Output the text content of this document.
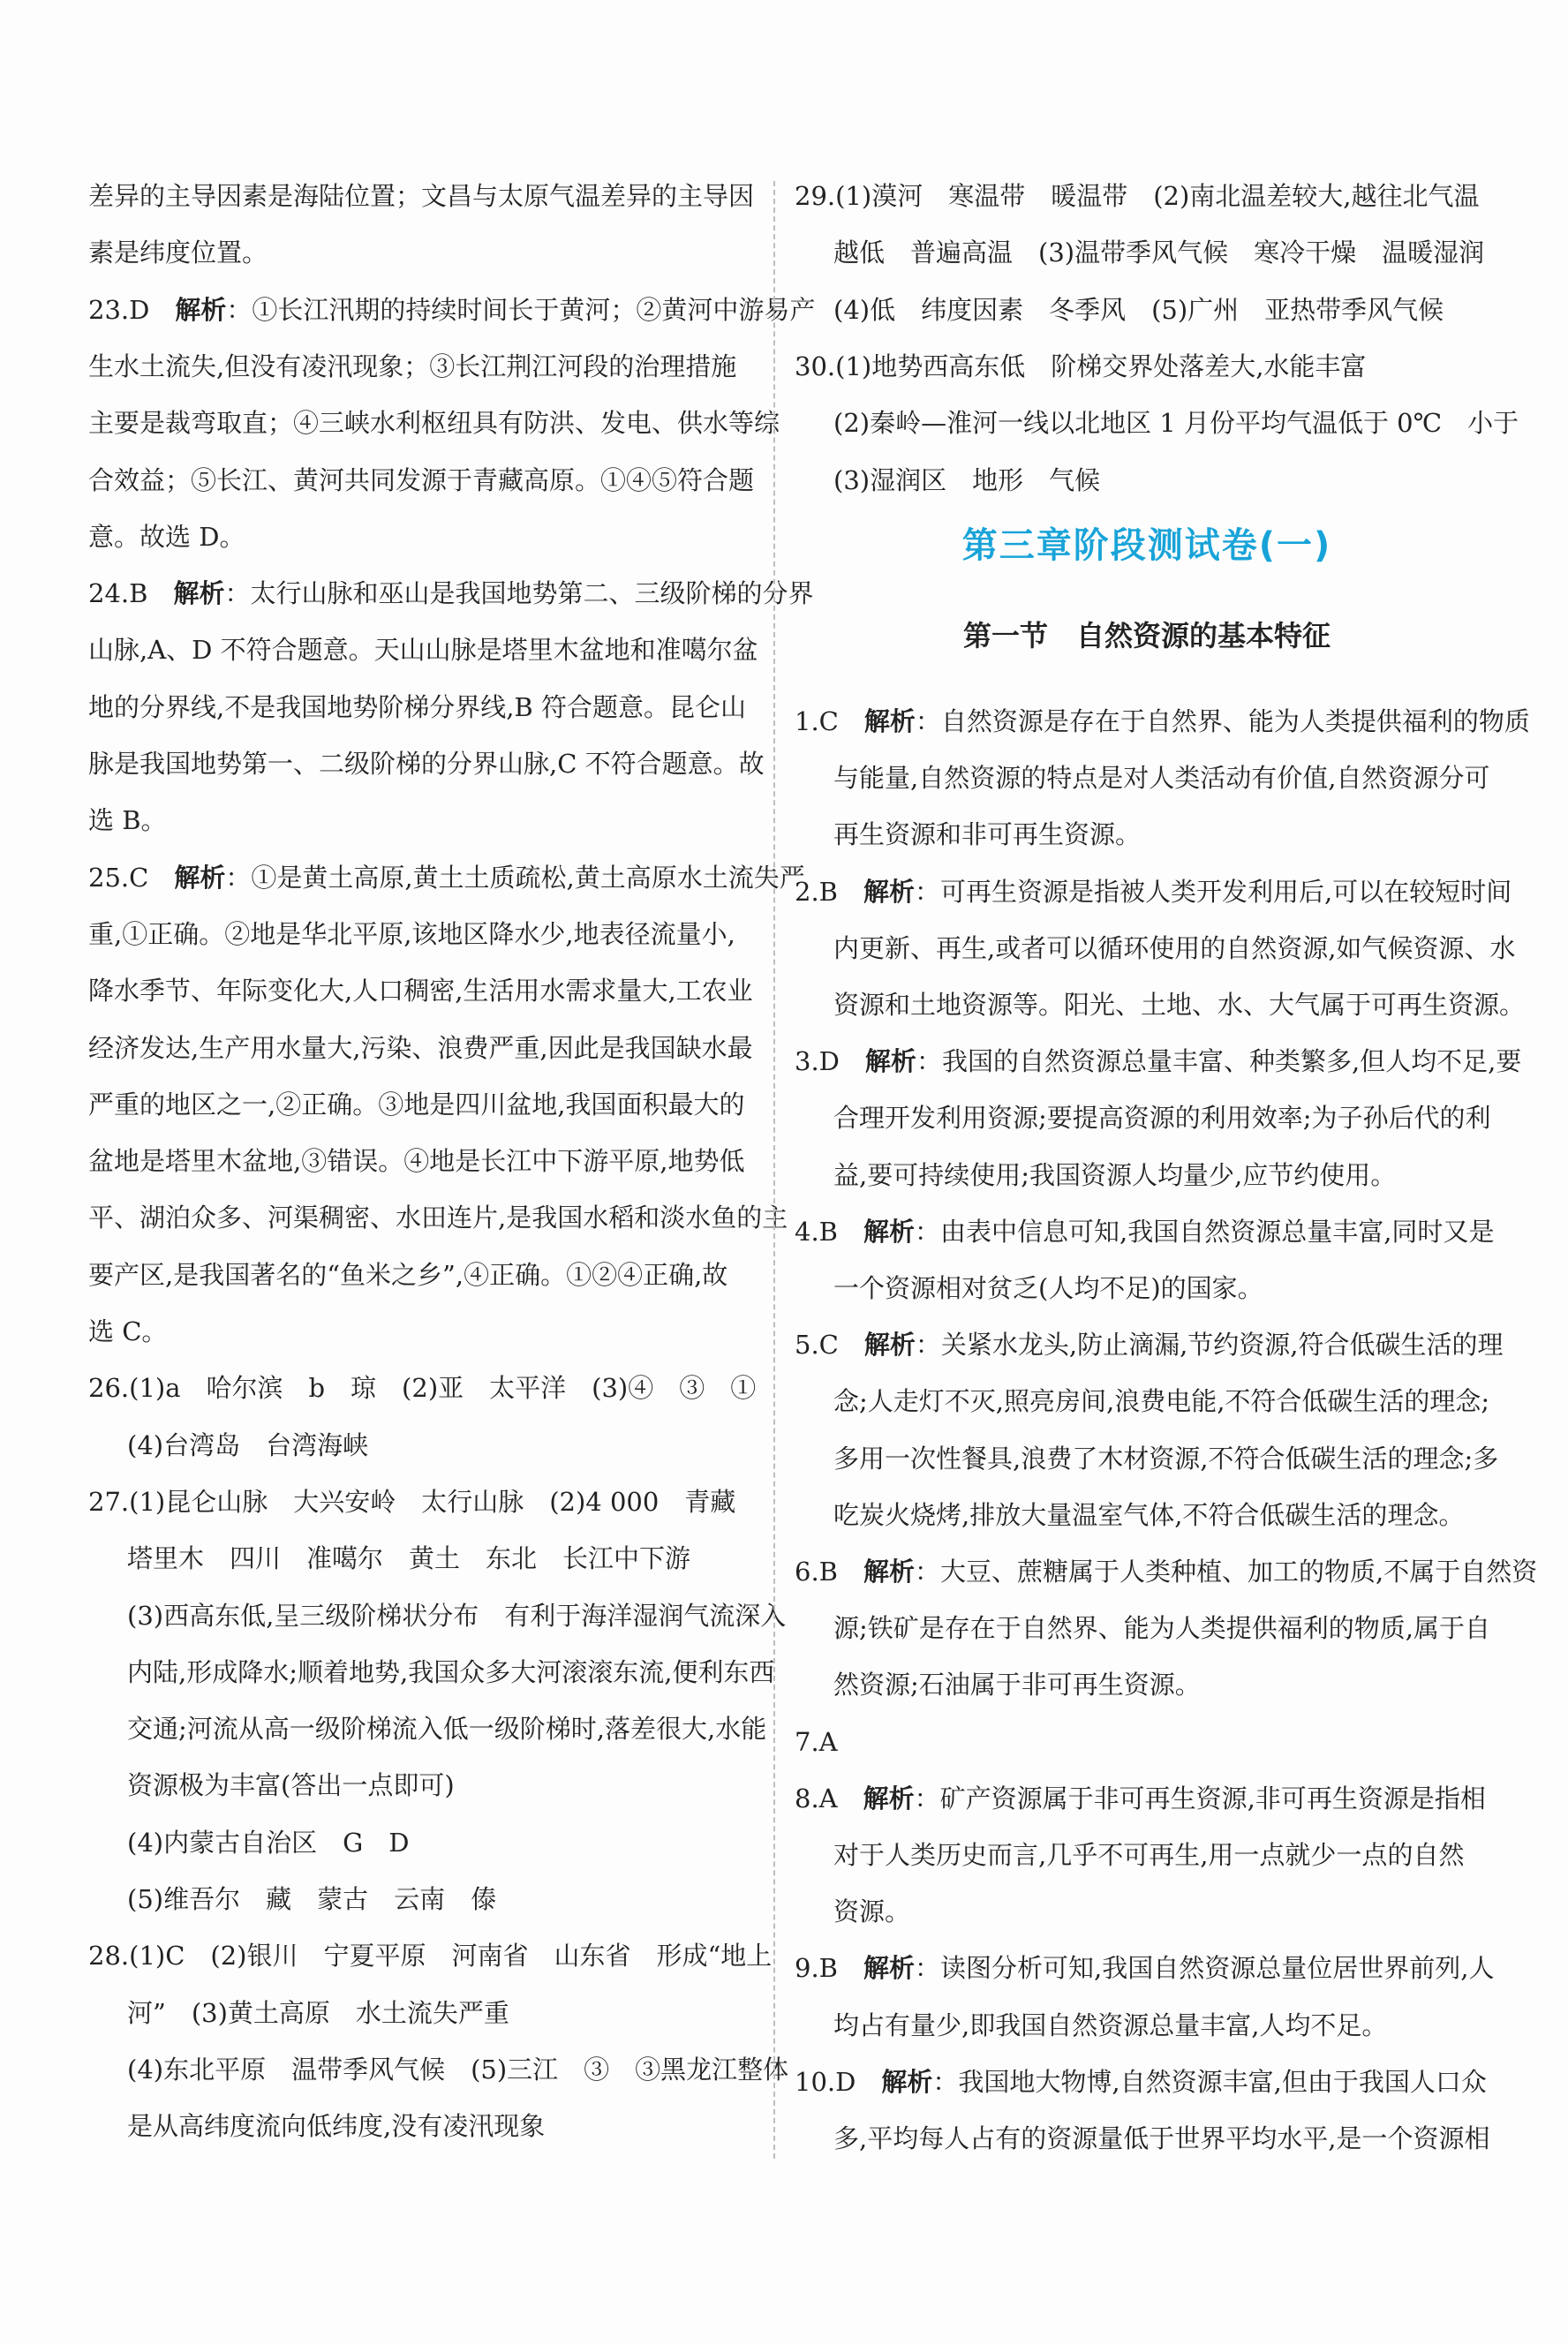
差异的主导因素是海陆位置；文昌与太原气温差异的主导因
素是纬度位置。
23.D  解析：①长江汛期的持续时间长于黄河；②黄河中游易产
生水土流失,但没有凌汛现象；③长江荆江河段的治理措施
主要是裁弯取直；④三峡水利枢纽具有防洪、发电、供水等综
合效益；⑤长江、黄河共同发源于青藏高原。①④⑤符合题
意。故选 D。
24.B  解析：太行山脉和巫山是我国地势第二、三级阶梯的分界
山脉,A、D 不符合题意。天山山脉是塔里木盆地和准噶尔盆
地的分界线,不是我国地势阶梯分界线,B 符合题意。昆仑山
脉是我国地势第一、二级阶梯的分界山脉,C 不符合题意。故
选 B。
25.C  解析：①是黄土高原,黄土土质疏松,黄土高原水土流失严
重,①正确。②地是华北平原,该地区降水少,地表径流量小,
降水季节、年际变化大,人口稠密,生活用水需求量大,工农业
经济发达,生产用水量大,污染、浪费严重,因此是我国缺水最
严重的地区之一,②正确。③地是四川盆地,我国面积最大的
盆地是塔里木盆地,③错误。④地是长江中下游平原,地势低
平、湖泊众多、河渠稠密、水田连片,是我国水稻和淡水鱼的主
要产区,是我国著名的“鱼米之乡”,④正确。①②④正确,故
选 C。
26.(1)a　哈尔滨　b　琼　(2)亚　太平洋　(3)④　③　①
(4)台湾岛　台湾海峡
27.(1)昆仑山脉　大兴安岭　太行山脉　(2)4 000　青藏
塔里木　四川　准噶尔　黄土　东北　长江中下游
(3)西高东低,呈三级阶梯状分布　有利于海洋湿润气流深入
内陆,形成降水;顺着地势,我国众多大河滚滚东流,便利东西
交通;河流从高一级阶梯流入低一级阶梯时,落差很大,水能
资源极为丰富(答出一点即可)
(4)内蒙古自治区　G　D
(5)维吾尔　藏　蒙古　云南　傣
28.(1)C　(2)银川　宁夏平原　河南省　山东省　形成“地上
河”　(3)黄土高原　水土流失严重
(4)东北平原　温带季风气候　(5)三江　③　③黑龙江整体
是从高纬度流向低纬度,没有凌汛现象
第三章阶段测试卷(一)
第一节　自然资源的基本特征
29.(1)漠河　寒温带　暖温带　(2)南北温差较大,越往北气温
越低　普遍高温　(3)温带季风气候　寒冷干燥　温暖湿润
(4)低　纬度因素　冬季风　(5)广州　亚热带季风气候
30.(1)地势西高东低　阶梯交界处落差大,水能丰富
(2)秦岭—淮河一线以北地区 1 月份平均气温低于 0℃　小于
(3)湿润区　地形　气候
1.C  解析：自然资源是存在于自然界、能为人类提供福利的物质
与能量,自然资源的特点是对人类活动有价值,自然资源分可
再生资源和非可再生资源。
2.B  解析：可再生资源是指被人类开发利用后,可以在较短时间
内更新、再生,或者可以循环使用的自然资源,如气候资源、水
资源和土地资源等。阳光、土地、水、大气属于可再生资源。
3.D  解析：我国的自然资源总量丰富、种类繁多,但人均不足,要
合理开发利用资源;要提高资源的利用效率;为子孙后代的利
益,要可持续使用;我国资源人均量少,应节约使用。
4.B  解析：由表中信息可知,我国自然资源总量丰富,同时又是
一个资源相对贫乏(人均不足)的国家。
5.C  解析：关紧水龙头,防止滴漏,节约资源,符合低碳生活的理
念;人走灯不灭,照亮房间,浪费电能,不符合低碳生活的理念;
多用一次性餐具,浪费了木材资源,不符合低碳生活的理念;多
吃炭火烧烤,排放大量温室气体,不符合低碳生活的理念。
6.B  解析：大豆、蔗糖属于人类种植、加工的物质,不属于自然资
源;铁矿是存在于自然界、能为人类提供福利的物质,属于自
然资源;石油属于非可再生资源。
7.A
8.A  解析：矿产资源属于非可再生资源,非可再生资源是指相
对于人类历史而言,几乎不可再生,用一点就少一点的自然
资源。
9.B  解析：读图分析可知,我国自然资源总量位居世界前列,人
均占有量少,即我国自然资源总量丰富,人均不足。
10.D  解析：我国地大物博,自然资源丰富,但由于我国人口众
多,平均每人占有的资源量低于世界平均水平,是一个资源相
